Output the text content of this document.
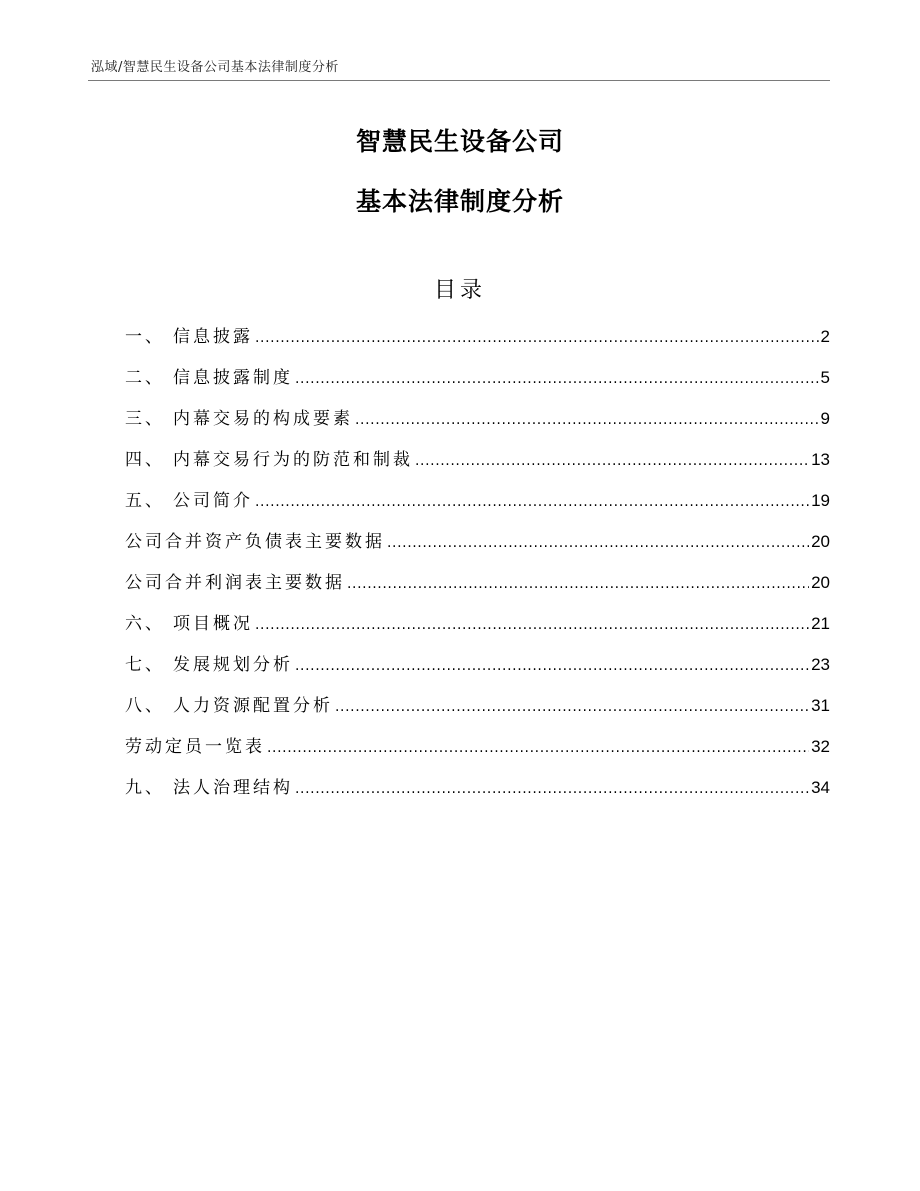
泓域/智慧民生设备公司基本法律制度分析
智慧民生设备公司
基本法律制度分析
目录
一、 信息披露 .....	2
二、 信息披露制度 .....	5
三、 内幕交易的构成要素 .....	9
四、 内幕交易行为的防范和制裁 .....	13
五、 公司简介 .....	19
公司合并资产负债表主要数据 .....	20
公司合并利润表主要数据 .....	20
六、 项目概况 .....	21
七、 发展规划分析 .....	23
八、 人力资源配置分析 .....	31
劳动定员一览表 .....	32
九、 法人治理结构 .....	34
